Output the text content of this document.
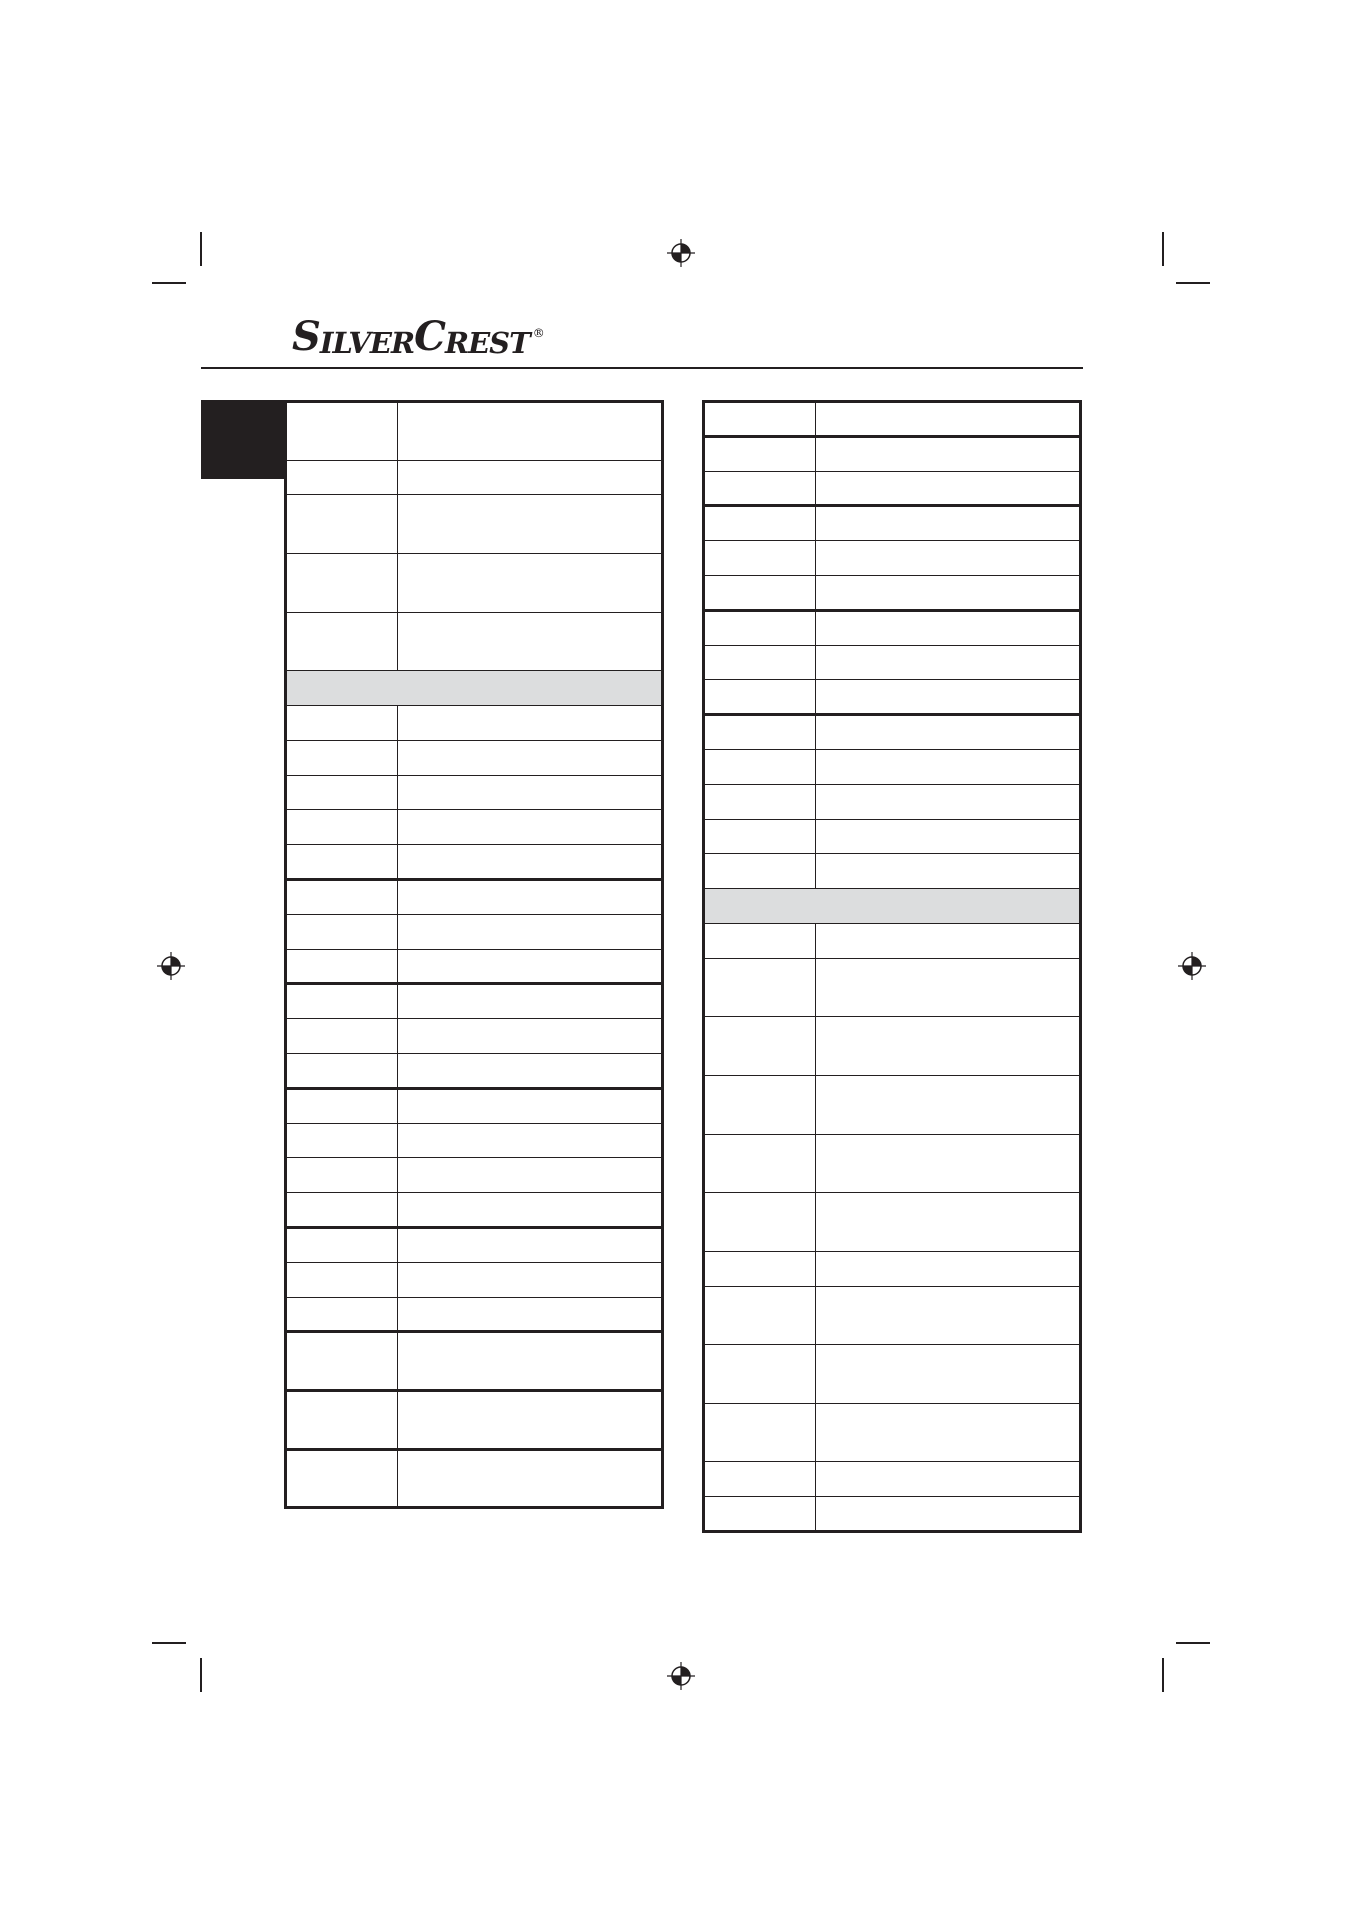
S ILVER C REST ®
